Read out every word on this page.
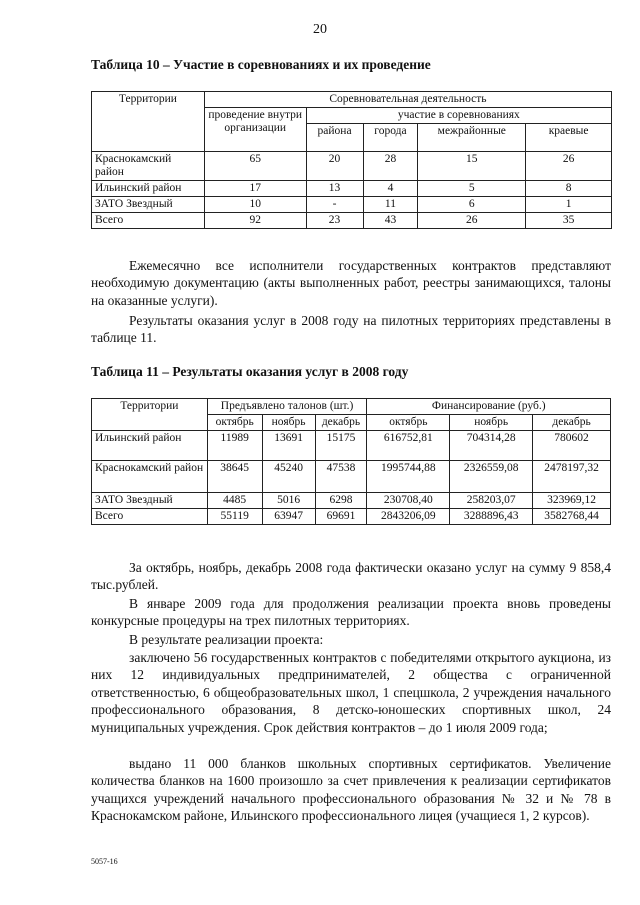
20
Таблица 10 – Участие в соревнованиях и их проведение
Территории	Соревновательная деятельность				
	проведение внутри организации	участие в соревнованиях			
		района	города	межрайонные	краевые
Краснокамский район	65	20	28	15	26
Ильинский район	17	13	4	5	8
ЗАТО Звездный	10	-	11	6	1
Всего	92	23	43	26	35
Ежемесячно все исполнители государственных контрактов представляют необходимую документацию (акты выполненных работ, реестры занимающихся, талоны на оказанные услуги).
Результаты оказания услуг в 2008 году на пилотных территориях представлены в таблице 11.
Таблица 11 – Результаты оказания услуг в 2008 году
Территории	Предъявлено талонов (шт.)			Финансирование (руб.)		
	октябрь	ноябрь	декабрь	октябрь	ноябрь	декабрь
Ильинский район	11989	13691	15175	616752,81	704314,28	780602
Краснокамский район	38645	45240	47538	1995744,88	2326559,08	2478197,32
ЗАТО Звездный	4485	5016	6298	230708,40	258203,07	323969,12
Всего	55119	63947	69691	2843206,09	3288896,43	3582768,44
За октябрь, ноябрь, декабрь 2008 года фактически оказано услуг на сумму 9 858,4 тыс.рублей.
В январе 2009 года для продолжения реализации проекта вновь проведены конкурсные процедуры на трех пилотных территориях.
В результате реализации проекта:
заключено 56 государственных контрактов с победителями открытого аукциона, из них 12 индивидуальных предпринимателей, 2 общества с ограниченной ответственностью, 6 общеобразовательных школ, 1 спецшкола, 2 учреждения начального профессионального образования, 8 детско-юношеских спортивных школ, 24 муниципальных учреждения. Срок действия контрактов – до 1 июля 2009 года;
выдано 11 000 бланков школьных спортивных сертификатов. Увеличение количества бланков на 1600 произошло за счет привлечения к реализации сертификатов учащихся учреждений начального профессионального образования № 32 и № 78 в Краснокамском районе, Ильинского профессионального лицея (учащиеся 1, 2 курсов).
5057-16
